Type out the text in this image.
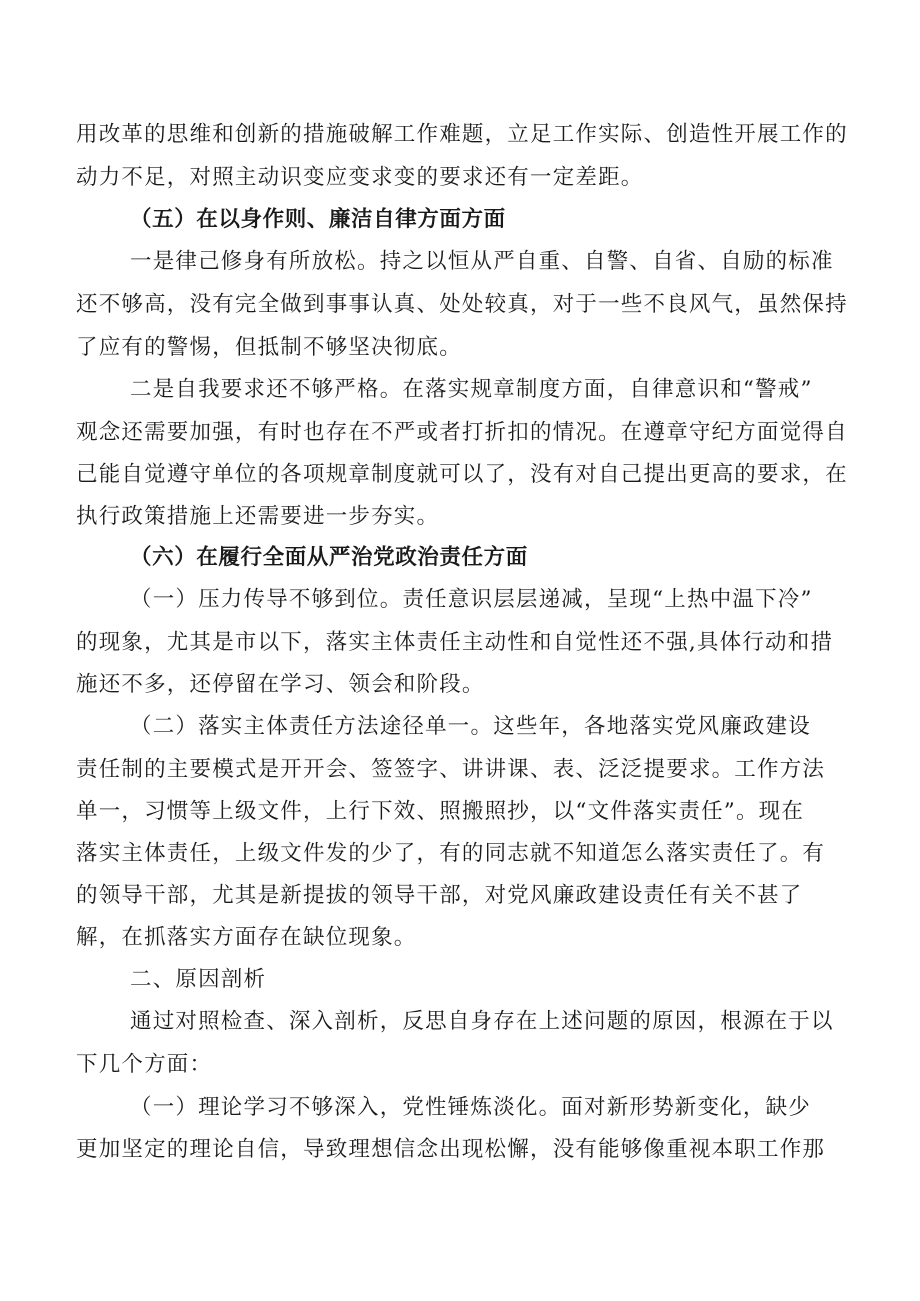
用改革的思维和创新的措施破解工作难题，立足工作实际、创造性开展工作的

动力不足，对照主动识变应变求变的要求还有一定差距。

（五）在以身作则、廉洁自律方面方面

一是律己修身有所放松。持之以恒从严自重、自警、自省、自励的标准

还不够高，没有完全做到事事认真、处处较真，对于一些不良风气，虽然保持

了应有的警惕，但抵制不够坚决彻底。

二是自我要求还不够严格。在落实规章制度方面，自律意识和“警戒”

观念还需要加强，有时也存在不严或者打折扣的情况。在遵章守纪方面觉得自

己能自觉遵守单位的各项规章制度就可以了，没有对自己提出更高的要求，在

执行政策措施上还需要进一步夯实。

（六）在履行全面从严治党政治责任方面

（一）压力传导不够到位。责任意识层层递减，呈现“上热中温下冷”

的现象，尤其是市以下，落实主体责任主动性和自觉性还不强,具体行动和措

施还不多，还停留在学习、领会和阶段。

（二）落实主体责任方法途径单一。这些年，各地落实党风廉政建设

责任制的主要模式是开开会、签签字、讲讲课、表、泛泛提要求。工作方法

单一，习惯等上级文件，上行下效、照搬照抄，以“文件落实责任”。现在

落实主体责任，上级文件发的少了，有的同志就不知道怎么落实责任了。有

的领导干部，尤其是新提拔的领导干部，对党风廉政建设责任有关不甚了

解，在抓落实方面存在缺位现象。

二、原因剖析

通过对照检查、深入剖析，反思自身存在上述问题的原因，根源在于以

下几个方面：

（一）理论学习不够深入，党性锤炼淡化。面对新形势新变化，缺少

更加坚定的理论自信，导致理想信念出现松懈，没有能够像重视本职工作那
